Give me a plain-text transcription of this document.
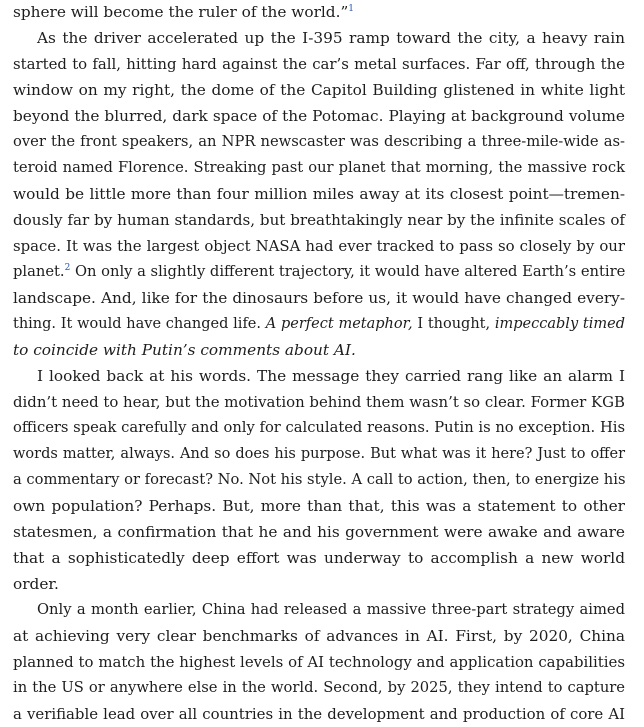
sphere will become the ruler of the world.”$^1$
As the driver accelerated up the I-395 ramp toward the city, a heavy rain
started to fall, hitting hard against the car’s metal surfaces. Far off, through the
window on my right, the dome of the Capitol Building glistened in white light
beyond the blurred, dark space of the Potomac. Playing at background volume
over the front speakers, an NPR newscaster was describing a three-mile-wide as-
teroid named Florence. Streaking past our planet that morning, the massive rock
would be little more than four million miles away at its closest point—tremen-
dously far by human standards, but breathtakingly near by the infinite scales of
space. It was the largest object NASA had ever tracked to pass so closely by our
planet.$^2$ On only a slightly different trajectory, it would have altered Earth’s entire
landscape. And, like for the dinosaurs before us, it would have changed every-
thing. It would have changed life. A perfect metaphor, I thought, impeccably timed
to coincide with Putin’s comments about AI.
I looked back at his words. The message they carried rang like an alarm I
didn’t need to hear, but the motivation behind them wasn’t so clear. Former KGB
officers speak carefully and only for calculated reasons. Putin is no exception. His
words matter, always. And so does his purpose. But what was it here? Just to offer
a commentary or forecast? No. Not his style. A call to action, then, to energize his
own population? Perhaps. But, more than that, this was a statement to other
statesmen, a confirmation that he and his government were awake and aware
that a sophisticatedly deep effort was underway to accomplish a new world
order.
Only a month earlier, China had released a massive three-part strategy aimed
at achieving very clear benchmarks of advances in AI. First, by 2020, China
planned to match the highest levels of AI technology and application capabilities
in the US or anywhere else in the world. Second, by 2025, they intend to capture
a verifiable lead over all countries in the development and production of core AI
